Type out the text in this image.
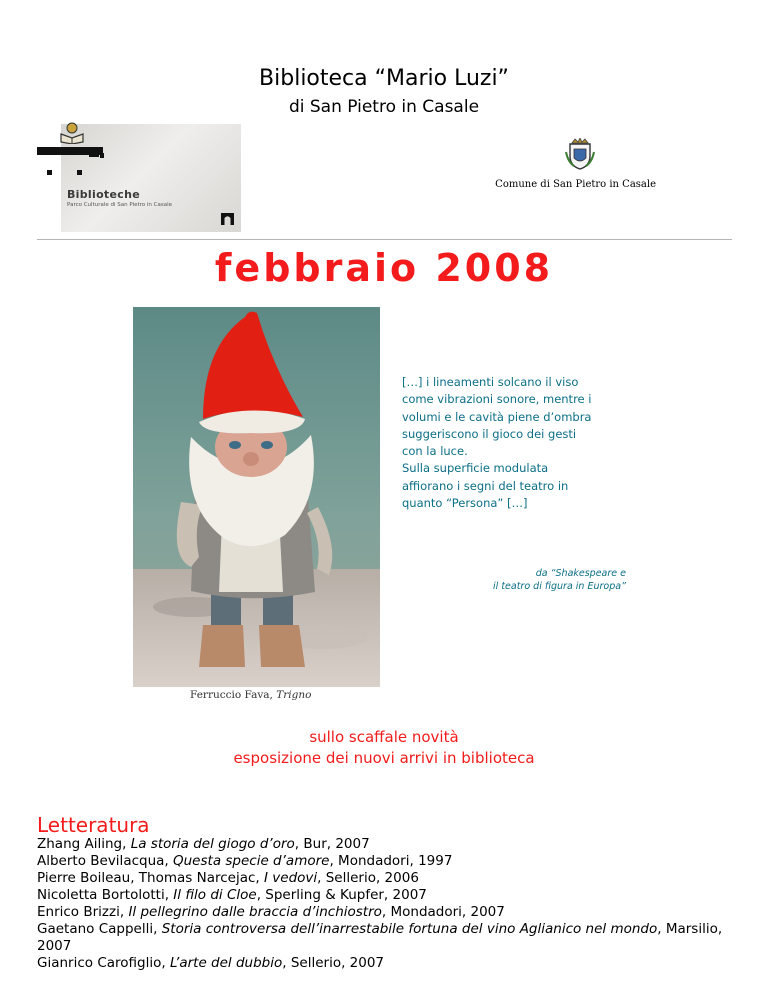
Biblioteca “Mario Luzi”
di San Pietro in Casale
Biblioteche
Parco Culturale di San Pietro in Casale
Comune di San Pietro in Casale
febbraio 2008
Ferruccio Fava, Trigno
[…] i lineamenti solcano il viso
come vibrazioni sonore, mentre i
volumi e le cavità piene d’ombra
suggeriscono il gioco dei gesti
con la luce.
Sulla superficie modulata
affiorano i segni del teatro in
quanto “Persona” […]
da “Shakespeare e
il teatro di figura in Europa”
sullo scaffale novità
esposizione dei nuovi arrivi in biblioteca
Letteratura
Zhang Ailing, La storia del giogo d’oro, Bur, 2007
Alberto Bevilacqua, Questa specie d’amore, Mondadori, 1997
Pierre Boileau, Thomas Narcejac, I vedovi, Sellerio, 2006
Nicoletta Bortolotti, Il filo di Cloe, Sperling & Kupfer, 2007
Enrico Brizzi, Il pellegrino dalle braccia d’inchiostro, Mondadori, 2007
Gaetano Cappelli, Storia controversa dell’inarrestabile fortuna del vino Aglianico nel mondo, Marsilio, 2007
Gianrico Carofiglio, L’arte del dubbio, Sellerio, 2007
